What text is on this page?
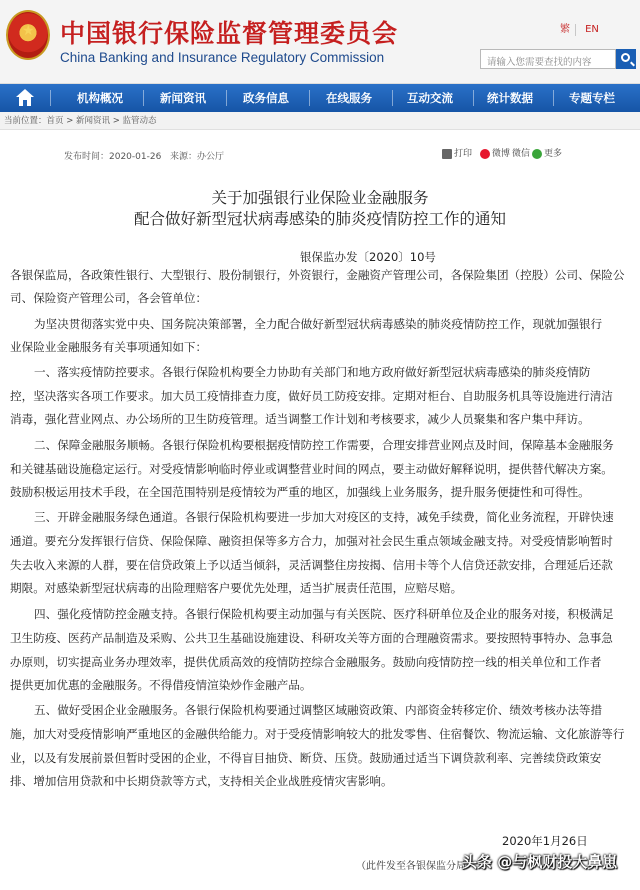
★
中国银行保险监督管理委员会
China Banking and Insurance Regulatory Commission
繁	EN
请输入您需要查找的内容
机构概况	新闻资讯	政务信息	在线服务	互动交流	统计数据	专题专栏
当前位置：首页 > 新闻资讯 > 监管动态
发布时间：2020-01-26 来源：办公厅	打印	微博 微信	更多
关于加强银行业保险业金融服务
配合做好新型冠状病毒感染的肺炎疫情防控工作的通知
银保监办发〔2020〕10号
各银保监局，各政策性银行、大型银行、股份制银行，外资银行，金融资产管理公司，各保险集团（控股）公司、保险公
司、保险资产管理公司，各会管单位：
为坚决贯彻落实党中央、国务院决策部署，全力配合做好新型冠状病毒感染的肺炎疫情防控工作，现就加强银行
业保险业金融服务有关事项通知如下：
一、落实疫情防控要求。各银行保险机构要全力协助有关部门和地方政府做好新型冠状病毒感染的肺炎疫情防
控，坚决落实各项工作要求。加大员工疫情排查力度，做好员工防疫安排。定期对柜台、自助服务机具等设施进行清洁
消毒，强化营业网点、办公场所的卫生防疫管理。适当调整工作计划和考核要求，减少人员聚集和客户集中拜访。
二、保障金融服务顺畅。各银行保险机构要根据疫情防控工作需要，合理安排营业网点及时间，保障基本金融服务
和关键基础设施稳定运行。对受疫情影响临时停业或调整营业时间的网点，要主动做好解释说明，提供替代解决方案。
鼓励积极运用技术手段，在全国范围特别是疫情较为严重的地区，加强线上业务服务，提升服务便捷性和可得性。
三、开辟金融服务绿色通道。各银行保险机构要进一步加大对疫区的支持，减免手续费，简化业务流程，开辟快速
通道。要充分发挥银行信贷、保险保障、融资担保等多方合力，加强对社会民生重点领域金融支持。对受疫情影响暂时
失去收入来源的人群，要在信贷政策上予以适当倾斜，灵活调整住房按揭、信用卡等个人信贷还款安排，合理延后还款
期限。对感染新型冠状病毒的出险理赔客户要优先处理，适当扩展责任范围，应赔尽赔。
四、强化疫情防控金融支持。各银行保险机构要主动加强与有关医院、医疗科研单位及企业的服务对接，积极满足
卫生防疫、医药产品制造及采购、公共卫生基础设施建设、科研攻关等方面的合理融资需求。要按照特事特办、急事急
办原则，切实提高业务办理效率，提供优质高效的疫情防控综合金融服务。鼓励向疫情防控一线的相关单位和工作者
提供更加优惠的金融服务。不得借疫情渲染炒作金融产品。
五、做好受困企业金融服务。各银行保险机构要通过调整区域融资政策、内部资金转移定价、绩效考核办法等措
施，加大对受疫情影响严重地区的金融供给能力。对于受疫情影响较大的批发零售、住宿餐饮、物流运输、文化旅游等行
业，以及有发展前景但暂时受困的企业，不得盲目抽贷、断贷、压贷。鼓励通过适当下调贷款利率、完善续贷政策安
排、增加信用贷款和中长期贷款等方式，支持相关企业战胜疫情灾害影响。
2020年1月26日
（此件发至各银保监分局
头条 @与枫财投大鼻崽
